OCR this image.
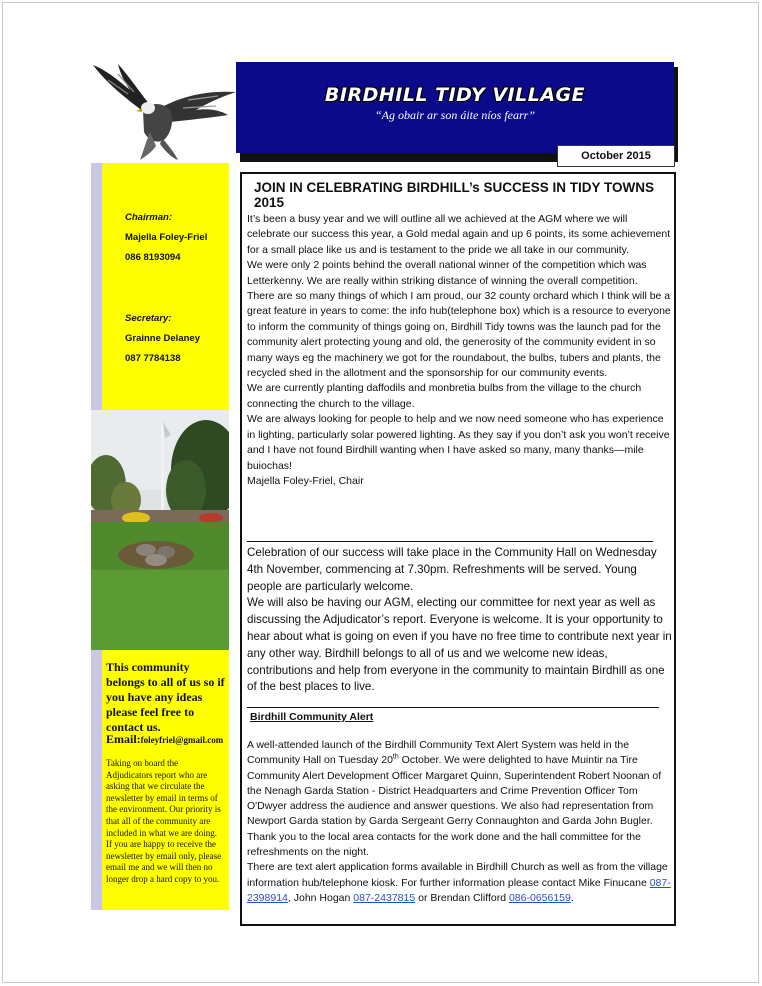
BIRDHILL TIDY VILLAGE
“Ag obair ar son áite níos fearr”
October 2015
Chairman:
Majella Foley-Friel
086 8193094
Secretary:
Grainne Delaney
087 7784138
This community belongs to all of us so if you have any ideas please feel free to contact us.
Email:foleyfriel@gmail.com
Taking on board the Adjudicators report who are asking that we circulate the newsletter by email in terms of the environment. Our priority is that all of the community are included in what we are doing. If you are happy to receive the newsletter by email only, please email me and we will then no longer drop a hard copy to you.
JOIN IN CELEBRATING BIRDHILL’s SUCCESS IN TIDY TOWNS 2015

It’s been a busy year and we will outline all we achieved at the AGM where we will celebrate our success this year, a Gold medal again and up 6 points, its some achievement for a small place like us and is testament to the pride we all take in our community.

We were only 2 points behind the overall national winner of the competition which was Letterkenny. We are really within striking distance of winning the overall competition.

There are so many things of which I am proud, our 32 county orchard which I think will be a great feature in years to come: the info hub(telephone box) which is a resource to everyone to inform the community of things going on, Birdhill Tidy towns was the launch pad for the community alert protecting young and old, the generosity of the community evident in so many ways eg the machinery we got for the roundabout, the bulbs, tubers and plants, the recycled shed in the allotment and the sponsorship for our community events.

We are currently planting daffodils and monbretia bulbs from the village to the church connecting the church to the village.

We are always looking for people to help and we now need someone who has experience in lighting, particularly solar powered lighting. As they say if you don’t ask you won’t receive and I have not found Birdhill wanting when I have asked so many, many thanks—mile buiochas!

Majella Foley-Friel, Chair

Celebration of our success will take place in the Community Hall on Wednesday 4th November, commencing at 7.30pm. Refreshments will be served. Young people are particularly welcome.

We will also be having our AGM, electing our committee for next year as well as discussing the Adjudicator’s report. Everyone is welcome. It is your opportunity to hear about what is going on even if you have no free time to contribute next year in any other way. Birdhill belongs to all of us and we welcome new ideas, contributions and help from everyone in the community to maintain Birdhill as one of the best places to live.

Birdhill Community Alert

A well-attended launch of the Birdhill Community Text Alert System was held in the Community Hall on Tuesday 20th October. We were delighted to have Muintir na Tire Community Alert Development Officer Margaret Quinn, Superintendent Robert Noonan of the Nenagh Garda Station - District Headquarters and Crime Prevention Officer Tom O'Dwyer address the audience and answer questions. We also had representation from Newport Garda station by Garda Sergeant Gerry Connaughton and Garda John Bugler. Thank you to the local area contacts for the work done and the hall committee for the refreshments on the night.

There are text alert application forms available in Birdhill Church as well as from the village information hub/telephone kiosk. For further information please contact Mike Finucane 087-2398914, John Hogan 087-2437815 or Brendan Clifford 086-0656159.
